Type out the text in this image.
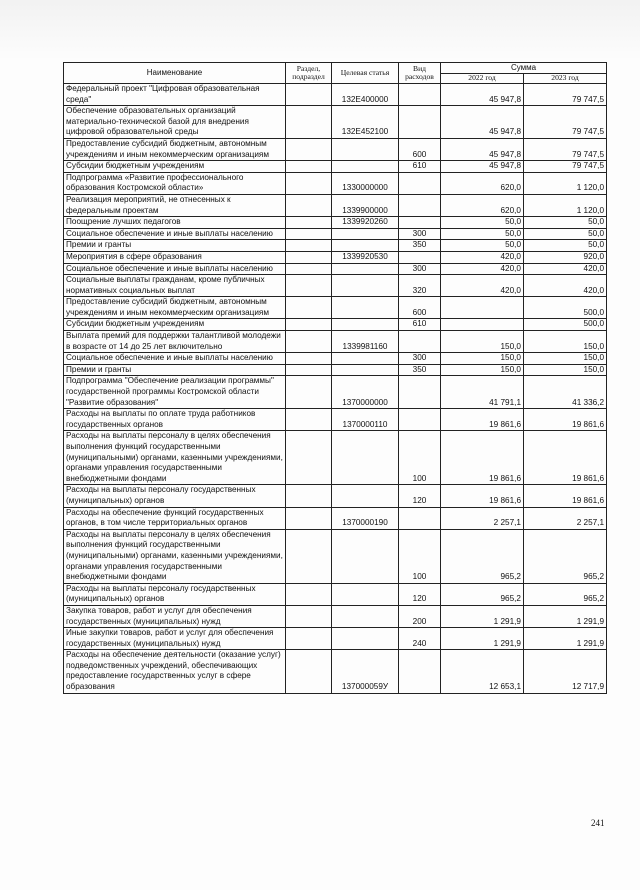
Наименование	Раздел, подраздел	Целевая статья	Вид расходов	Сумма	
				2022 год	2023 год
Федеральный проект "Цифровая образовательная среда"		132Е400000		45 947,8	79 747,5
Обеспечение образовательных организаций материально-технической базой для внедрения цифровой образовательной среды		132Е452100		45 947,8	79 747,5
Предоставление субсидий бюджетным, автономным учреждениям и иным некоммерческим организациям			600	45 947,8	79 747,5
Субсидии бюджетным учреждениям			610	45 947,8	79 747,5
Подпрограмма «Развитие профессионального образования Костромской области»		1330000000		620,0	1 120,0
Реализация мероприятий, не отнесенных к федеральным проектам		1339900000		620,0	1 120,0
Поощрение лучших педагогов		1339920260		50,0	50,0
Социальное обеспечение и иные выплаты населению			300	50,0	50,0
Премии и гранты			350	50,0	50,0
Мероприятия в сфере образования		1339920530		420,0	920,0
Социальное обеспечение и иные выплаты населению			300	420,0	420,0
Социальные выплаты гражданам, кроме публичных нормативных социальных выплат			320	420,0	420,0
Предоставление субсидий бюджетным, автономным учреждениям и иным некоммерческим организациям			600		500,0
Субсидии бюджетным учреждениям			610		500,0
Выплата премий для поддержки талантливой молодежи в возрасте от 14 до 25 лет включительно		1339981160		150,0	150,0
Социальное обеспечение и иные выплаты населению			300	150,0	150,0
Премии и гранты			350	150,0	150,0
Подпрограмма "Обеспечение реализации программы" государственной программы Костромской области "Развитие образования"		1370000000		41 791,1	41 336,2
Расходы на выплаты по оплате труда работников государственных органов		1370000110		19 861,6	19 861,6
Расходы на выплаты персоналу в целях обеспечения выполнения функций государственными (муниципальными) органами, казенными учреждениями, органами управления государственными внебюджетными фондами			100	19 861,6	19 861,6
Расходы на выплаты персоналу государственных (муниципальных) органов			120	19 861,6	19 861,6
Расходы на обеспечение функций государственных органов, в том числе территориальных органов		1370000190		2 257,1	2 257,1
Расходы на выплаты персоналу в целях обеспечения выполнения функций государственными (муниципальными) органами, казенными учреждениями, органами управления государственными внебюджетными фондами			100	965,2	965,2
Расходы на выплаты персоналу государственных (муниципальных) органов			120	965,2	965,2
Закупка товаров, работ и услуг для обеспечения государственных (муниципальных) нужд			200	1 291,9	1 291,9
Иные закупки товаров, работ и услуг для обеспечения государственных (муниципальных) нужд			240	1 291,9	1 291,9
Расходы на обеспечение деятельности (оказание услуг) подведомственных учреждений, обеспечивающих предоставление государственных услуг в сфере образования		137000059У		12 653,1	12 717,9
241
